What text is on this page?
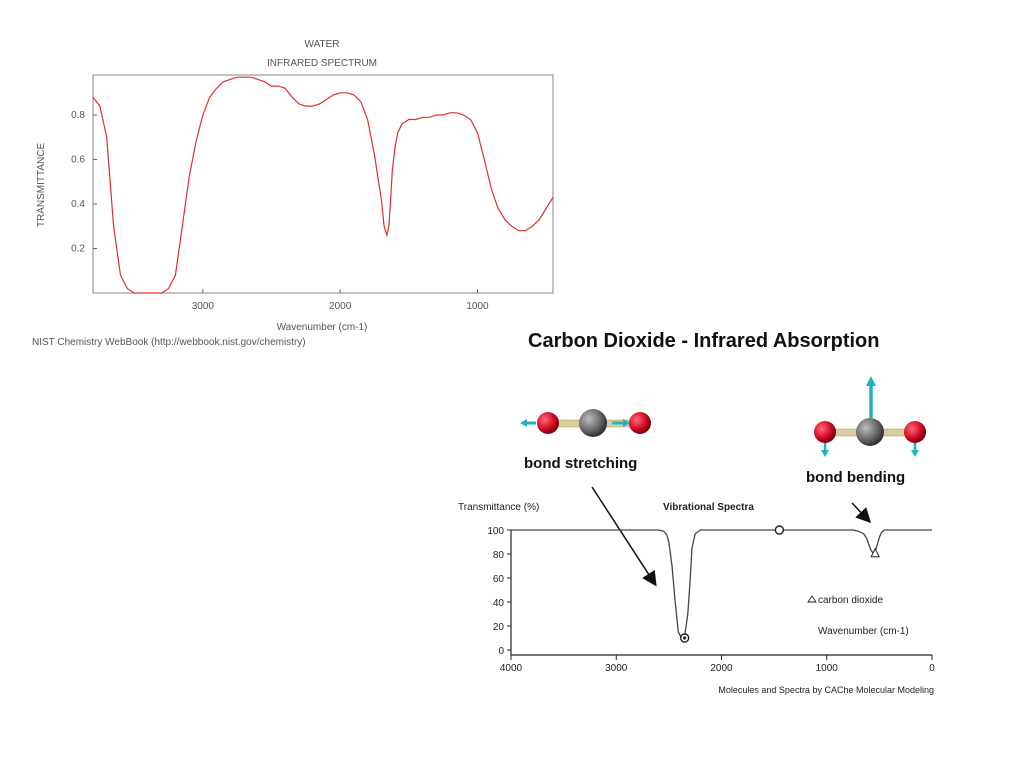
WATER
INFRARED SPECTRUM
0.8
0.6
0.4
0.2
3000	2000	1000
TRANSMITTANCE
Wavenumber (cm-1)
NIST Chemistry WebBook (http://webbook.nist.gov/chemistry)	Carbon Dioxide - Infrared Absorption
100
80
60
40
20
0
4000	3000	2000	1000	0
Transmittance (%)	Vibrational Spectra
Wavenumber (cm-1)
carbon dioxide
Molecules and Spectra by CAChe Molecular Modeling
bond stretching
bond bending
